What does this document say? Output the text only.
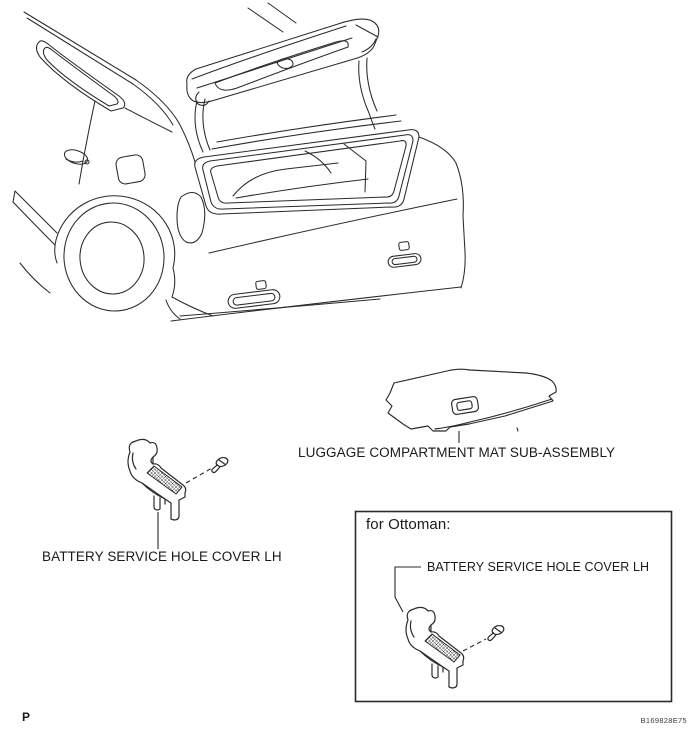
LUGGAGE COMPARTMENT MAT SUB-ASSEMBLY
BATTERY SERVICE HOLE COVER LH
for Ottoman:
BATTERY SERVICE HOLE COVER LH
P	B169828E75
